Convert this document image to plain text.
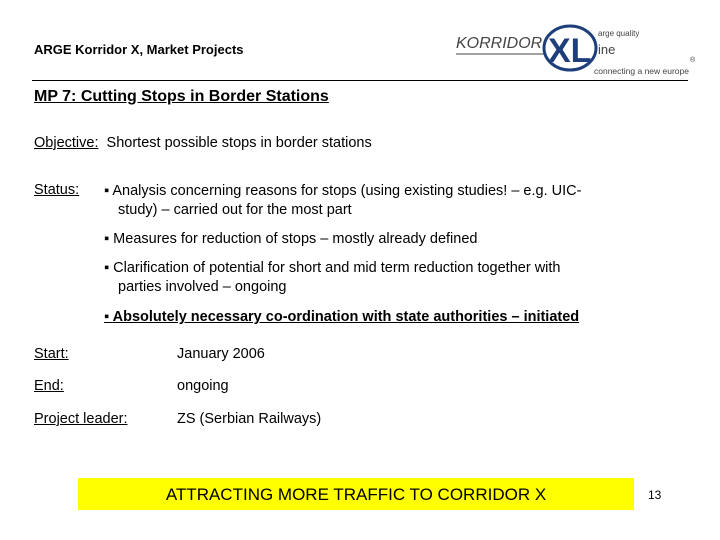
ARGE Korridor X, Market Projects	KORRIDOR XL arge quality
ine
connecting a new europe
®
MP 7: Cutting Stops in Border Stations
Objective: Shortest possible stops in border stations
Status: ▪ Analysis concerning reasons for stops (using existing studies! – e.g. UIC-
study) – carried out for the most part
▪ Measures for reduction of stops – mostly already defined
▪ Clarification of potential for short and mid term reduction together with
parties involved – ongoing
▪ Absolutely necessary co-ordination with state authorities – initiated
Start:	January 2006
End:	ongoing
Project leader:	ZS (Serbian Railways)
ATTRACTING MORE TRAFFIC TO CORRIDOR X	13
